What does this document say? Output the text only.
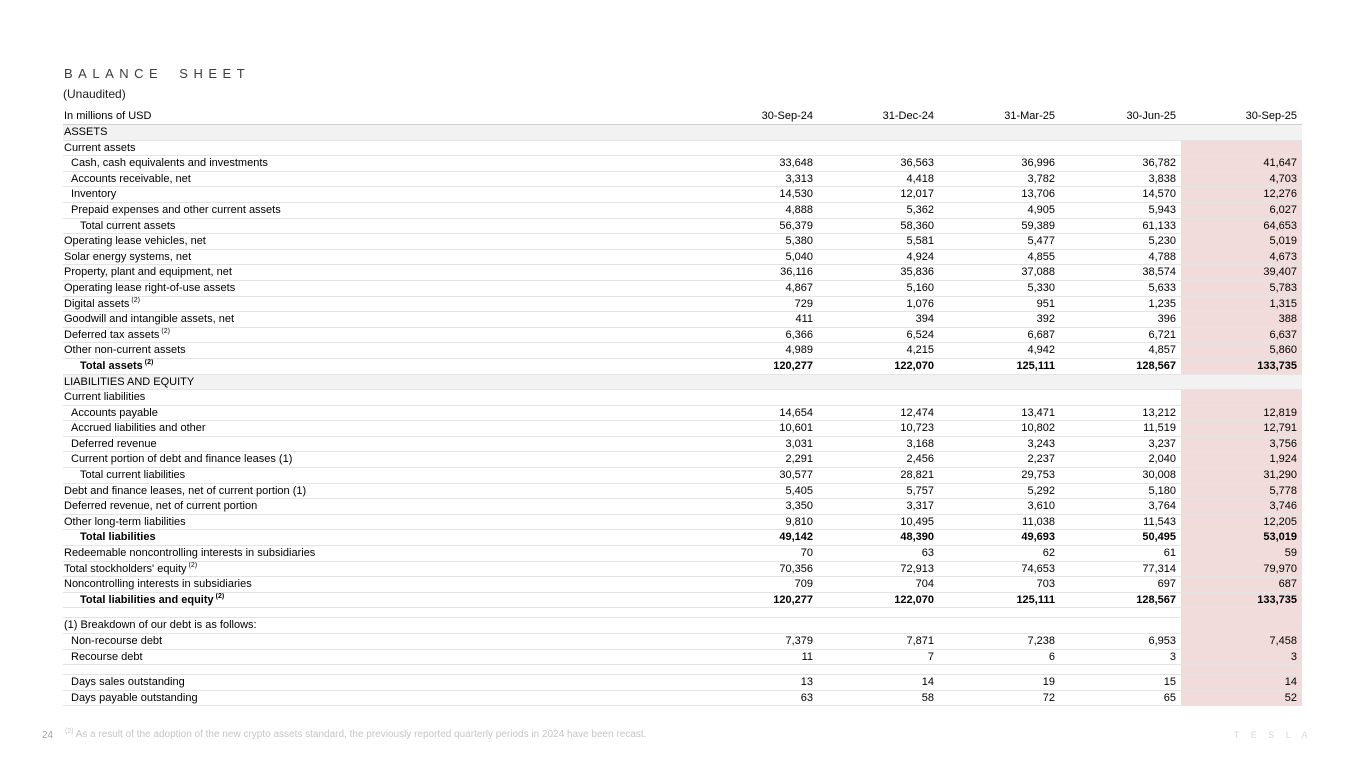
BALANCE SHEET
(Unaudited)
In millions of USD	30-Sep-24	31-Dec-24	31-Mar-25	30-Jun-25	30-Sep-25
ASSETS					
Current assets					
Cash, cash equivalents and investments	33,648	36,563	36,996	36,782	41,647
Accounts receivable, net	3,313	4,418	3,782	3,838	4,703
Inventory	14,530	12,017	13,706	14,570	12,276
Prepaid expenses and other current assets	4,888	5,362	4,905	5,943	6,027
Total current assets	56,379	58,360	59,389	61,133	64,653
Operating lease vehicles, net	5,380	5,581	5,477	5,230	5,019
Solar energy systems, net	5,040	4,924	4,855	4,788	4,673
Property, plant and equipment, net	36,116	35,836	37,088	38,574	39,407
Operating lease right-of-use assets	4,867	5,160	5,330	5,633	5,783
Digital assets $^{(2)}$	729	1,076	951	1,235	1,315
Goodwill and intangible assets, net	411	394	392	396	388
Deferred tax assets $^{(2)}$	6,366	6,524	6,687	6,721	6,637
Other non-current assets	4,989	4,215	4,942	4,857	5,860
Total assets $^{(2)}$	120,277	122,070	125,111	128,567	133,735
LIABILITIES AND EQUITY					
Current liabilities					
Accounts payable	14,654	12,474	13,471	13,212	12,819
Accrued liabilities and other	10,601	10,723	10,802	11,519	12,791
Deferred revenue	3,031	3,168	3,243	3,237	3,756
Current portion of debt and finance leases (1)	2,291	2,456	2,237	2,040	1,924
Total current liabilities	30,577	28,821	29,753	30,008	31,290
Debt and finance leases, net of current portion (1)	5,405	5,757	5,292	5,180	5,778
Deferred revenue, net of current portion	3,350	3,317	3,610	3,764	3,746
Other long-term liabilities	9,810	10,495	11,038	11,543	12,205
Total liabilities	49,142	48,390	49,693	50,495	53,019
Redeemable noncontrolling interests in subsidiaries	70	63	62	61	59
Total stockholders' equity $^{(2)}$	70,356	72,913	74,653	77,314	79,970
Noncontrolling interests in subsidiaries	709	704	703	697	687
Total liabilities and equity $^{(2)}$	120,277	122,070	125,111	128,567	133,735

(1) Breakdown of our debt is as follows:					
Non-recourse debt	7,379	7,871	7,238	6,953	7,458
Recourse debt	11	7	6	3	3

Days sales outstanding	13	14	19	15	14
Days payable outstanding	63	58	72	65	52
24 $^{(2)}$ As a result of the adoption of the new crypto assets standard, the previously reported quarterly periods in 2024 have been recast.	T E S L A
